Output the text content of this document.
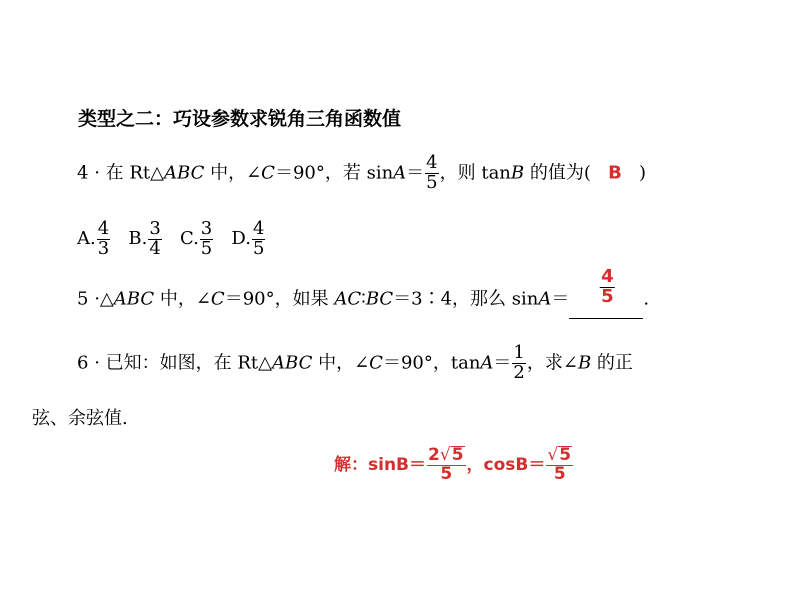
类型之二：巧设参数求锐角三角函数值
4 · 在 Rt△ABC 中，∠C＝90°，若 $\sin A= \frac{4}{5}$ ，则 tanB 的值为( B )
A. $\frac{4}{3} B$. $\frac{3}{4} C$. $\frac{3}{5} D$. $\frac{4}{5}$
5 ·△ABC 中，∠C＝90°，如果 AC∶BC＝3∶4，那么 $\sin A= \frac{4}{5}$ .
6 · 已知：如图，在 Rt△ABC 中，∠C＝90°，$\tan A= \frac{1}{2}$ ，求∠B 的正
弦、余弦值.
解：$\sin B= \frac{2 √ 5}{5}$ ，$\cos B= \frac{√ 5}{5}$
